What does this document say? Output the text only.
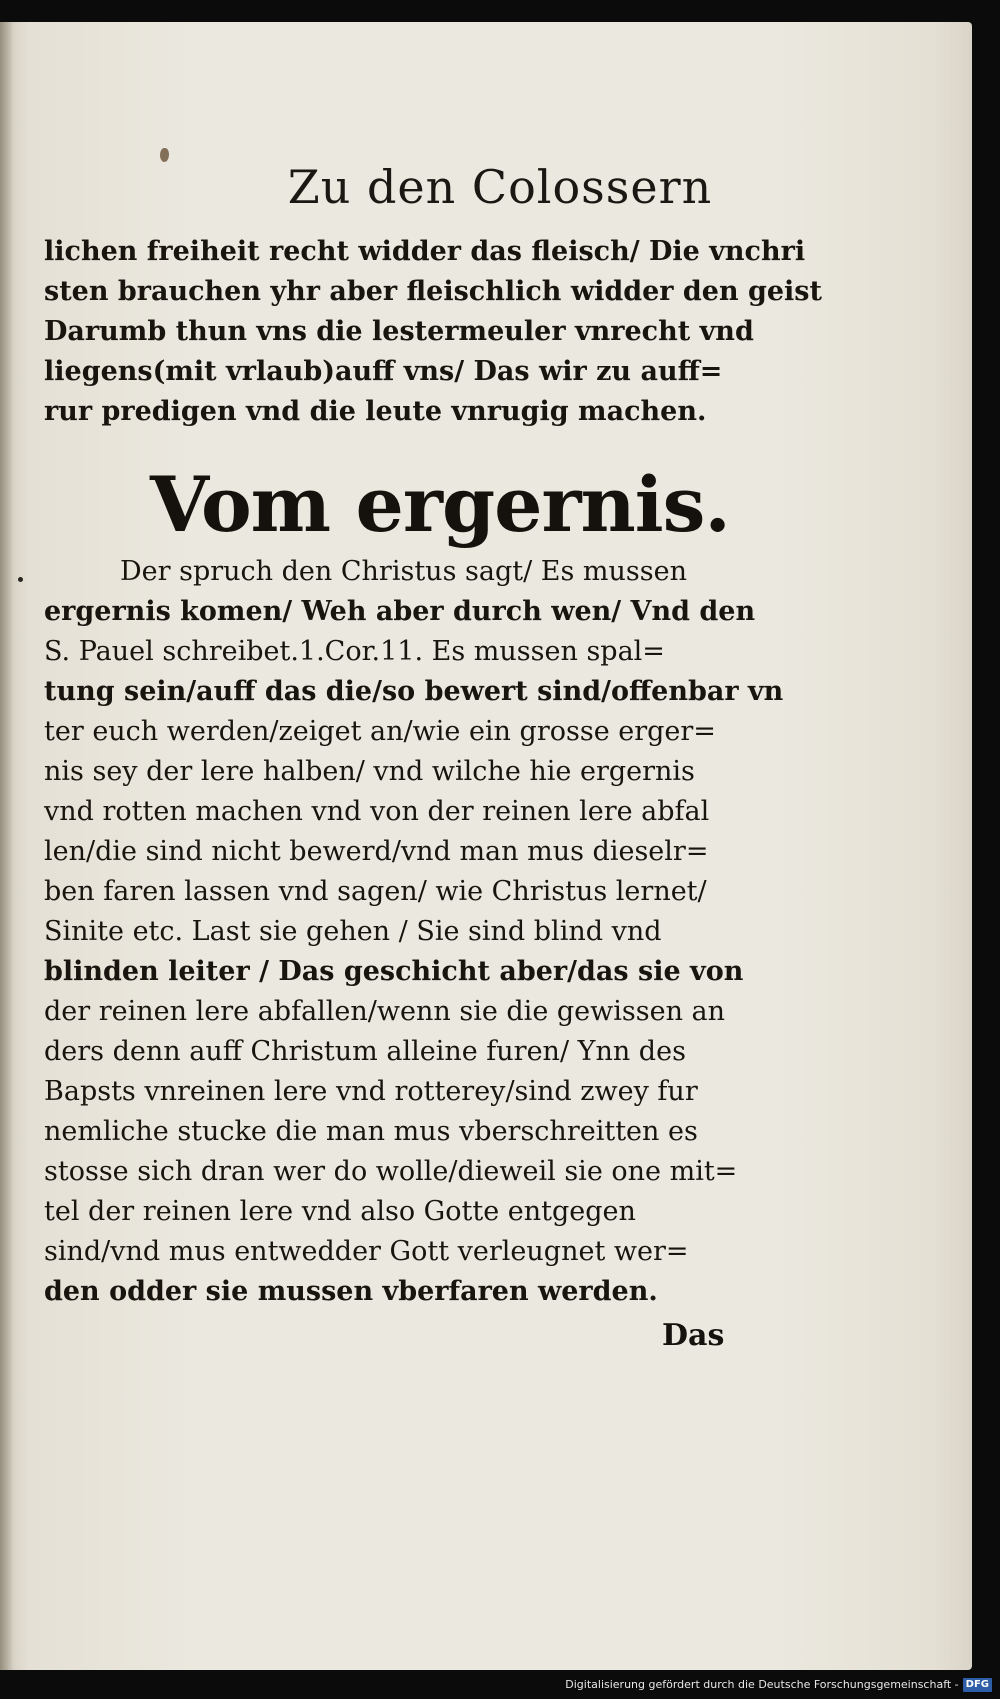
Zu den Colossern
lichen freiheit recht widder das fleisch/ Die vnchri
sten brauchen yhr aber fleischlich widder den geist
Darumb thun vns die lestermeuler vnrecht vnd
liegens(mit vrlaub)auff vns/ Das wir zu auff=
rur predigen vnd die leute vnrugig machen.
Vom ergernis.
Der spruch den Christus sagt/ Es mussen
ergernis komen/ Weh aber durch wen/ Vnd den
S. Pauel schreibet.1.Cor.11. Es mussen spal=
tung sein/auff das die/so bewert sind/offenbar vn
ter euch werden/zeiget an/wie ein grosse erger=
nis sey der lere halben/ vnd wilche hie ergernis
vnd rotten machen vnd von der reinen lere abfal
len/die sind nicht bewerd/vnd man mus dieselr=
ben faren lassen vnd sagen/ wie Christus lernet/
Sinite etc. Last sie gehen / Sie sind blind vnd
blinden leiter / Das geschicht aber/das sie von
der reinen lere abfallen/wenn sie die gewissen an
ders denn auff Christum alleine furen/ Ynn des
Bapsts vnreinen lere vnd rotterey/sind zwey fur
nemliche stucke die man mus vberschreitten es
stosse sich dran wer do wolle/dieweil sie one mit=
tel der reinen lere vnd also Gotte entgegen
sind/vnd mus entwedder Gott verleugnet wer=
den odder sie mussen vberfaren werden.
Das
Digitalisierung gefördert durch die Deutsche Forschungsgemeinschaft - DFG
